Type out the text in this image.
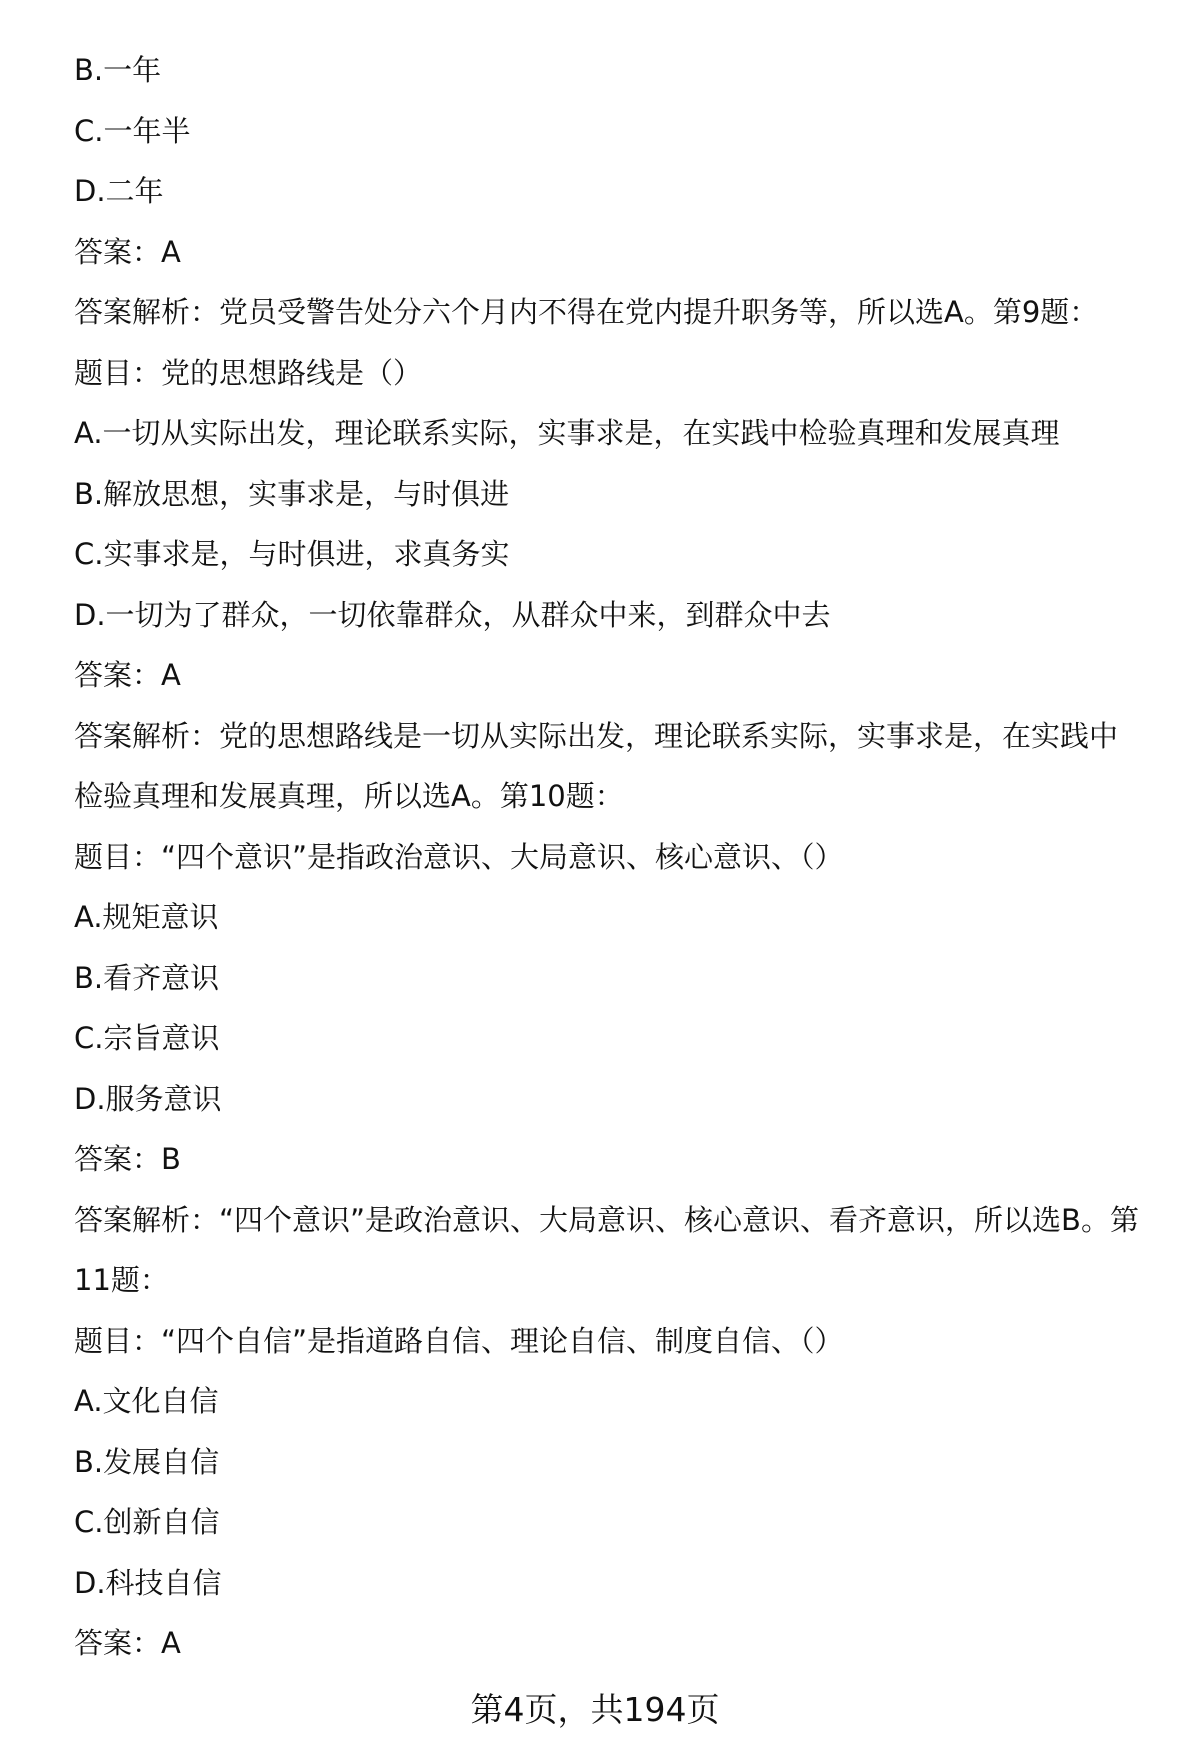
B.一年
C.一年半
D.二年
答案：A
答案解析：党员受警告处分六个月内不得在党内提升职务等，所以选A。第9题：
题目：党的思想路线是（）
A.一切从实际出发，理论联系实际，实事求是，在实践中检验真理和发展真理
B.解放思想，实事求是，与时俱进
C.实事求是，与时俱进，求真务实
D.一切为了群众，一切依靠群众，从群众中来，到群众中去
答案：A
答案解析：党的思想路线是一切从实际出发，理论联系实际，实事求是，在实践中
检验真理和发展真理，所以选A。第10题：
题目：“四个意识”是指政治意识、大局意识、核心意识、（）
A.规矩意识
B.看齐意识
C.宗旨意识
D.服务意识
答案：B
答案解析：“四个意识”是政治意识、大局意识、核心意识、看齐意识，所以选B。第
11题：
题目：“四个自信”是指道路自信、理论自信、制度自信、（）
A.文化自信
B.发展自信
C.创新自信
D.科技自信
答案：A
第4页，共194页
